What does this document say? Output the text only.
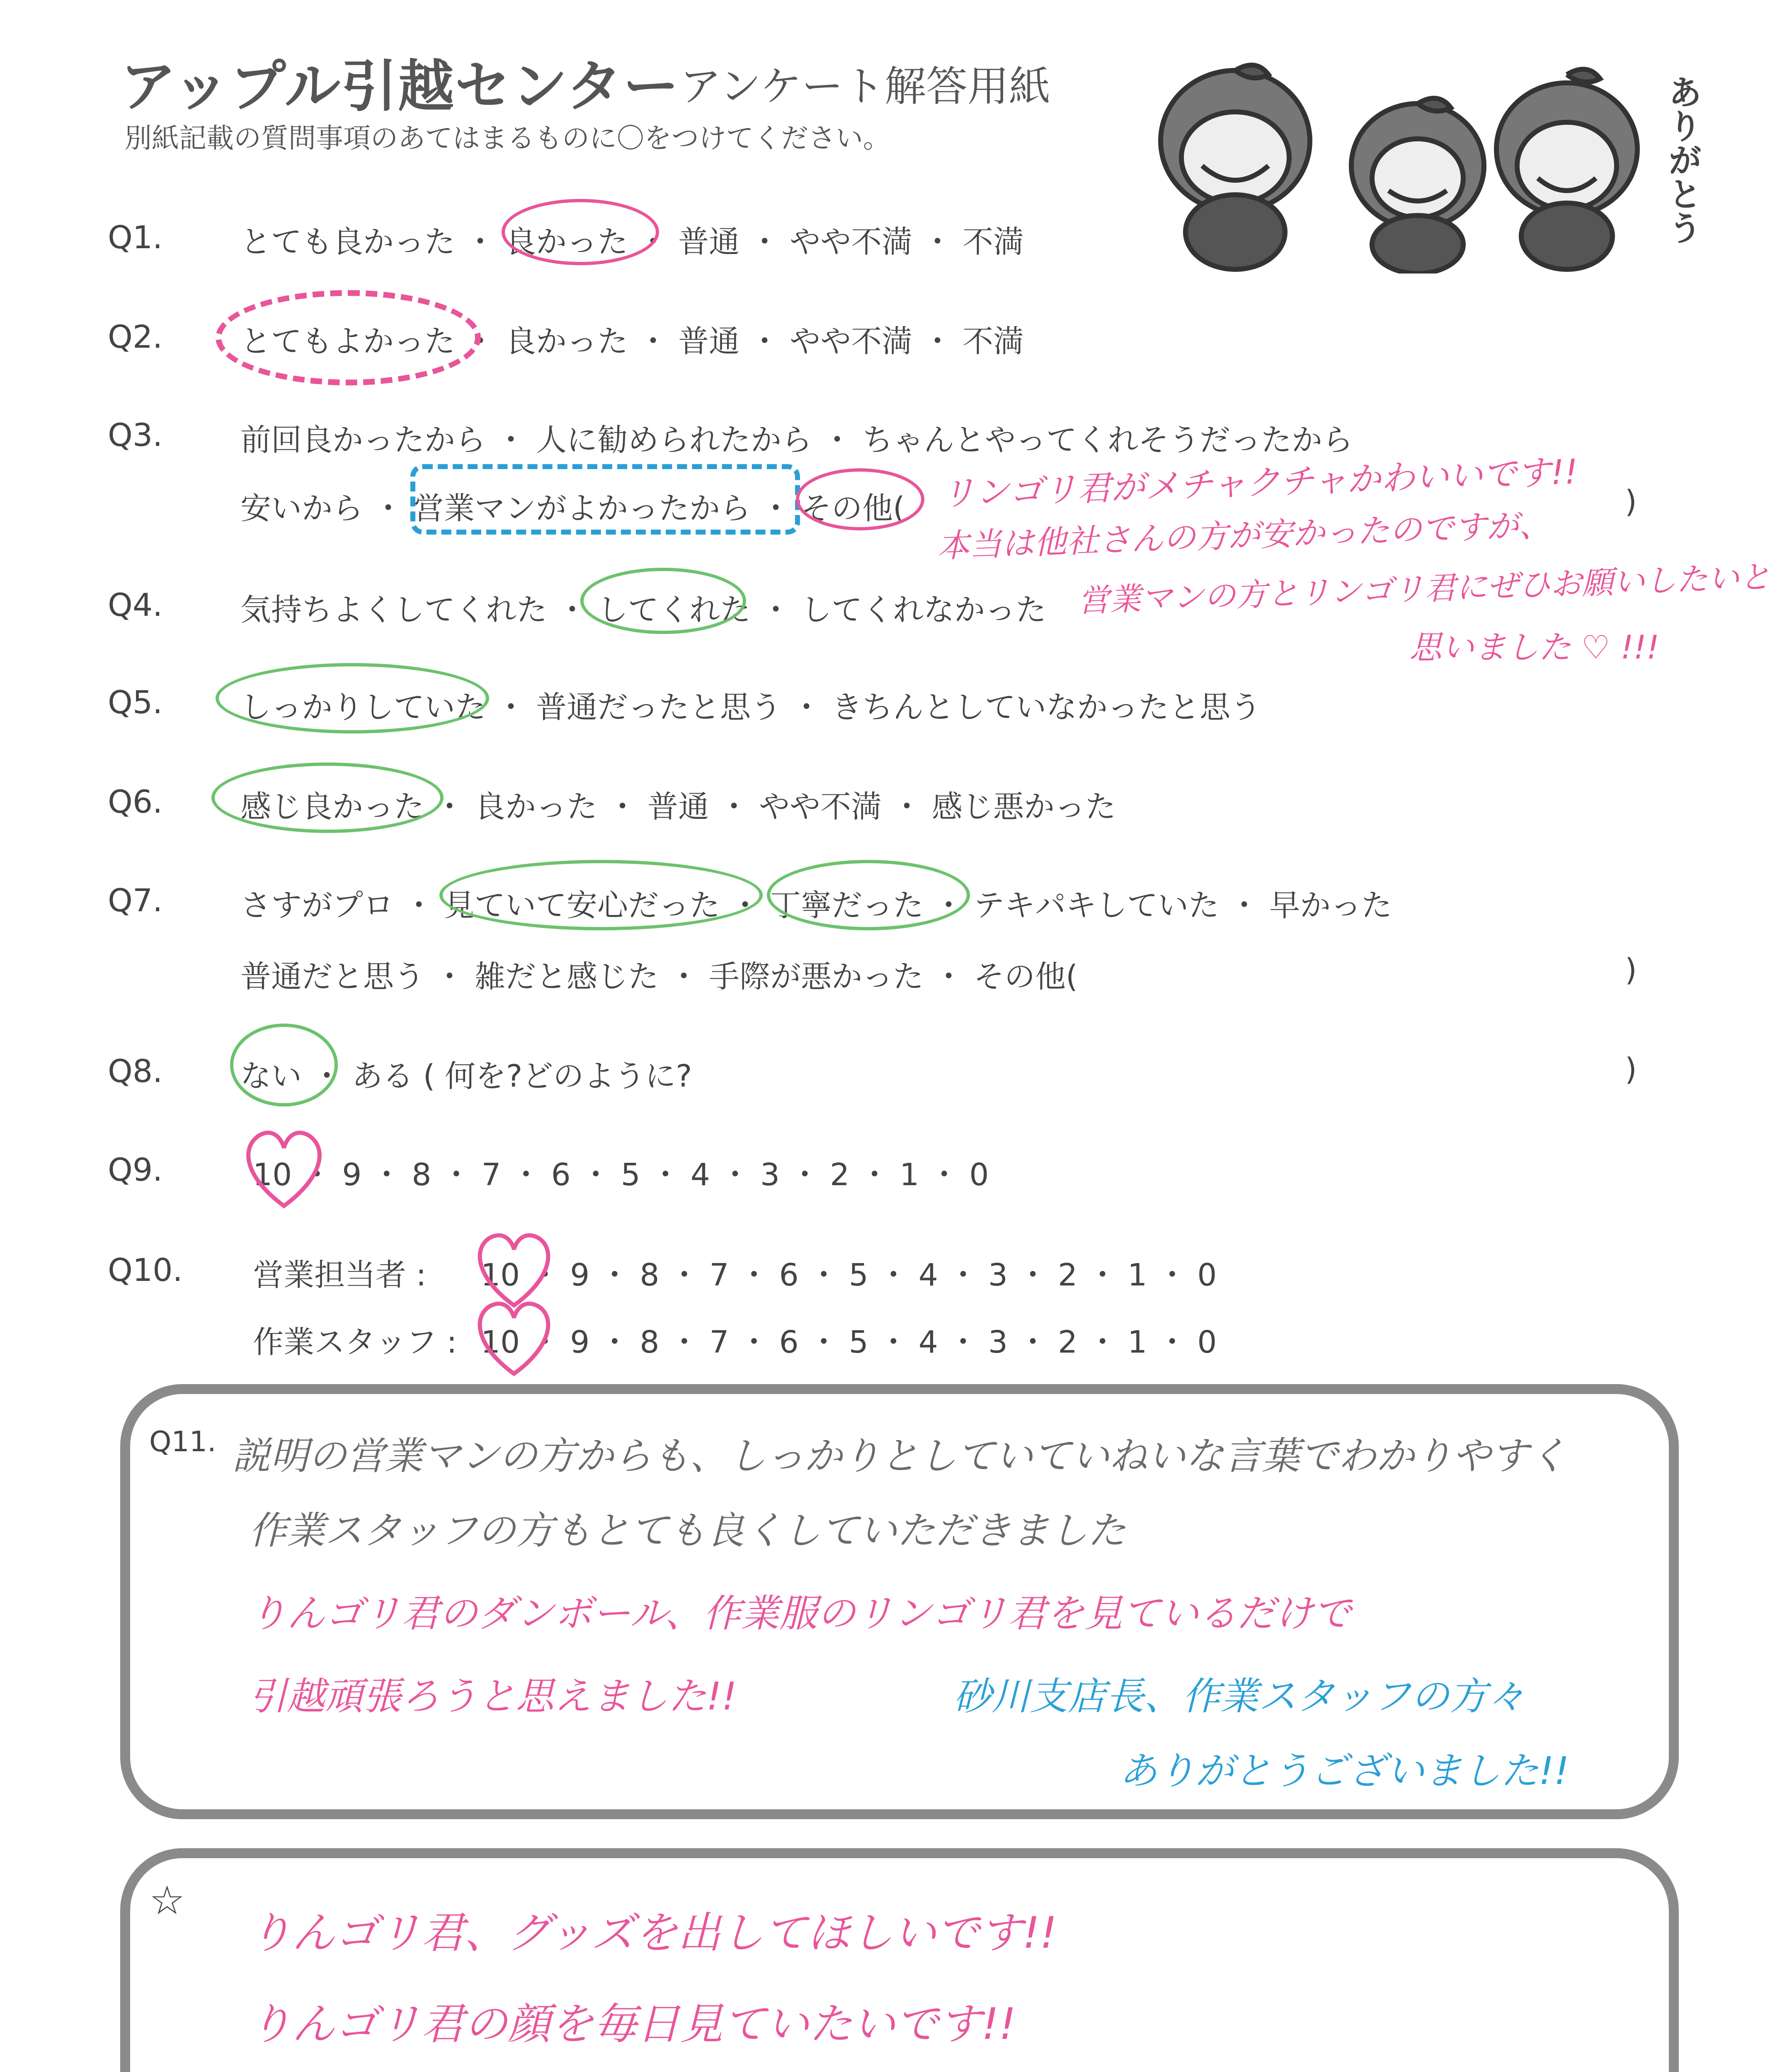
アップル引越センター アンケート解答用紙
別紙記載の質問事項のあてはまるものに〇をつけてください。	ありがとう
Q1.	とても良かった ・ 良かった ・ 普通 ・ やや不満 ・ 不満
Q2.	とてもよかった ・ 良かった ・ 普通 ・ やや不満 ・ 不満
Q3.	前回良かったから ・ 人に勧められたから ・ ちゃんとやってくれそうだったから
安いから ・ 営業マンがよかったから ・ その他(	)
リンゴリ君がメチャクチャかわいいです!!
本当は他社さんの方が安かったのですが、
営業マンの方とリンゴリ君にぜひお願いしたいと
思いました ♡ !!!
Q4.	気持ちよくしてくれた ・ してくれた ・ してくれなかった
Q5.	しっかりしていた ・ 普通だったと思う ・ きちんとしていなかったと思う
Q6.	感じ良かった ・ 良かった ・ 普通 ・ やや不満 ・ 感じ悪かった
Q7.	さすがプロ ・ 見ていて安心だった ・ 丁寧だった ・ テキパキしていた ・ 早かった
普通だと思う ・ 雑だと感じた ・ 手際が悪かった ・ その他(	)
Q8.	ない ・ ある ( 何を?どのように?	)
Q9.	10 ・ 9 ・ 8 ・ 7 ・ 6 ・ 5 ・ 4 ・ 3 ・ 2 ・ 1 ・ 0
Q10. 営業担当者 : 10 ・ 9 ・ 8 ・ 7 ・ 6 ・ 5 ・ 4 ・ 3 ・ 2 ・ 1 ・ 0
作業スタッフ : 10 ・ 9 ・ 8 ・ 7 ・ 6 ・ 5 ・ 4 ・ 3 ・ 2 ・ 1 ・ 0
Q11. 説明の営業マンの方からも、しっかりとしていていねいな言葉でわかりやすく
作業スタッフの方もとても良くしていただきました
りんゴリ君のダンボール、作業服のリンゴリ君を見ているだけで
引越頑張ろうと思えました!!	砂川支店長、作業スタッフの方々
ありがとうございました!!
☆
りんゴリ君、グッズを出してほしいです!!
りんゴリ君の顔を毎日見ていたいです!!
